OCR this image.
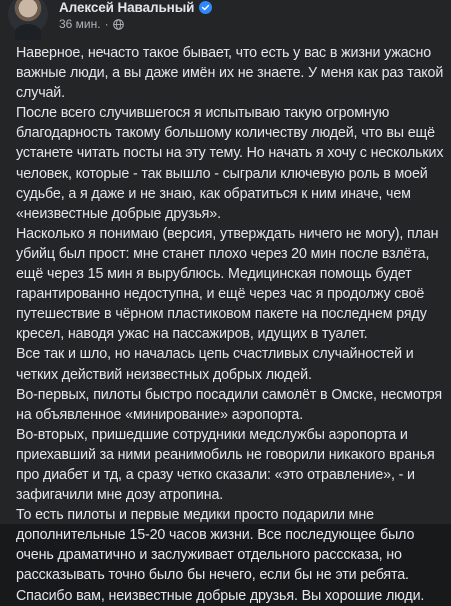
Алексей Навальный
36 мин. ·

Наверное, нечасто такое бывает, что есть у вас в жизни ужасно важные люди, а вы даже имён их не знаете. У меня как раз такой случай.

После всего случившегося я испытываю такую огромную благодарность такому большому количеству людей, что вы ещё устанете читать посты на эту тему. Но начать я хочу с нескольких человек, которые - так вышло - сыграли ключевую роль в моей судьбе, а я даже и не знаю, как обратиться к ним иначе, чем «неизвестные добрые друзья».

Насколько я понимаю (версия, утверждать ничего не могу), план убийц был прост: мне станет плохо через 20 мин после взлёта, ещё через 15 мин я вырублюсь. Медицинская помощь будет гарантированно недоступна, и ещё через час я продолжу своё путешествие в чёрном пластиковом пакете на последнем ряду кресел, наводя ужас на пассажиров, идущих в туалет.

Все так и шло, но началась цепь счастливых случайностей и четких действий неизвестных добрых людей.

Во-первых, пилоты быстро посадили самолёт в Омске, несмотря на объявленное «минирование» аэропорта.

Во-вторых, пришедшие сотрудники медслужбы аэропорта и приехавший за ними реанимобиль не говорили никакого вранья про диабет и тд, а сразу четко сказали: «это отравление», - и зафигачили мне дозу атропина.

То есть пилоты и первые медики просто подарили мне дополнительные 15-20 часов жизни. Все последующее было очень драматично и заслуживает отдельного расссказа, но рассказывать точно было бы нечего, если бы не эти ребята.

Спасибо вам, неизвестные добрые друзья. Вы хорошие люди.
